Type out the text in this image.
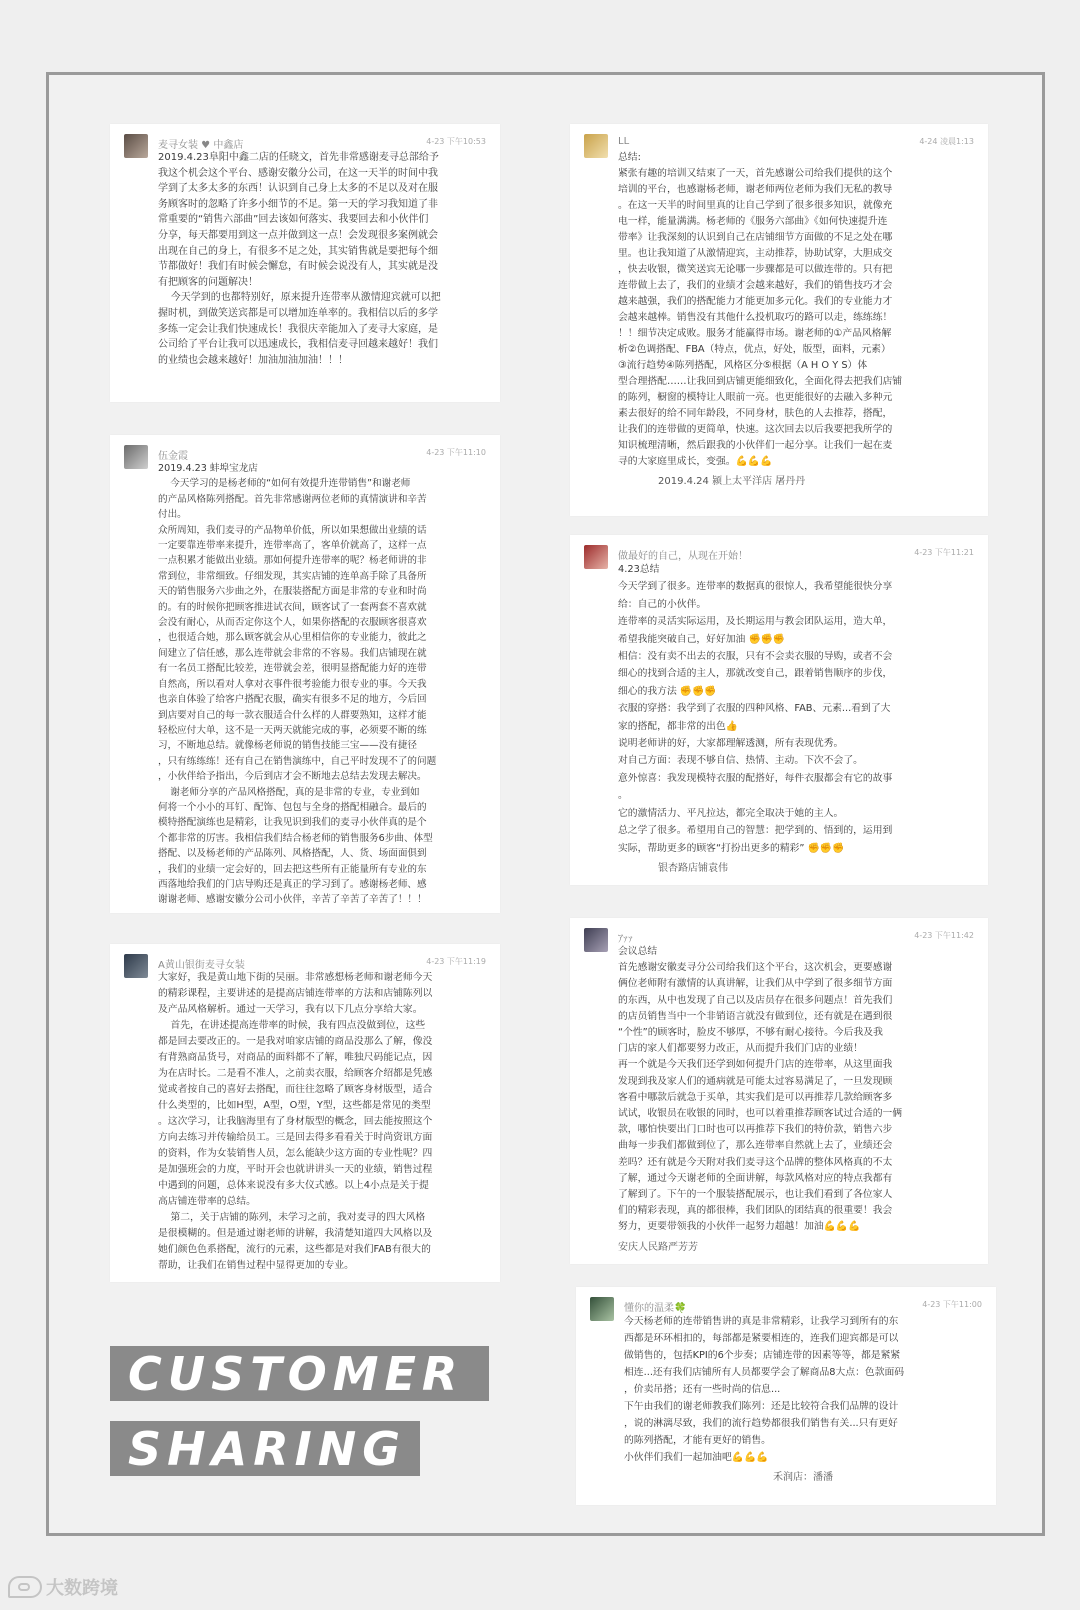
麦寻女装 ♥ 中鑫店	4-23 下午10:53
2019.4.23阜阳中鑫二店的任晓文，首先非常感谢麦寻总部给予
我这个机会这个平台、感谢安徽分公司，在这一天半的时间中我
学到了太多太多的东西！认识到自己身上太多的不足以及对在服
务顾客时的忽略了许多小细节的不足。第一天的学习我知道了非
常重要的“销售六部曲”回去该如何落实、我要回去和小伙伴们
分享，每天都要用到这一点并做到这一点！会发现很多案例就会
出现在自己的身上，有很多不足之处，其实销售就是要把每个细
节都做好！我们有时候会懈怠，有时候会说没有人，其实就是没
有把顾客的问题解决！
今天学到的也都特别好，原来提升连带率从激情迎宾就可以把
握时机，到做笑送宾都是可以增加连单率的。我相信以后的多学
多练一定会让我们快速成长！我很庆幸能加入了麦寻大家庭，是
公司给了平台让我可以迅速成长，我相信麦寻回越来越好！我们
的业绩也会越来越好！加油加油加油！！！
伍金霞	4-23 下午11:10
2019.4.23 蚌埠宝龙店
今天学习的是杨老师的“如何有效提升连带销售”和谢老师
的产品风格陈列搭配。首先非常感谢两位老师的真情演讲和辛苦
付出。
众所周知，我们麦寻的产品物单价低，所以如果想做出业绩的话
一定要靠连带率来提升，连带率高了，客单价就高了，这样一点
一点积累才能做出业绩。那如何提升连带率的呢？杨老师讲的非
常到位，非常细致。仔细发现，其实店铺的连单高手除了具备所
天的销售服务六步曲之外，在服装搭配方面是非常的专业和时尚
的。有的时候你把顾客推进试衣间，顾客试了一套两套不喜欢就
会没有耐心，从而否定你这个人，如果你搭配的衣服顾客很喜欢
，也很适合她，那么顾客就会从心里相信你的专业能力，彼此之
间建立了信任感，那么连带就会非常的不容易。我们店铺现在就
有一名员工搭配比较差，连带就会差，很明显搭配能力好的连带
自然高，所以看对人拿对衣事件很考验能力很专业的事。今天我
也亲自体验了给客户搭配衣服，确实有很多不足的地方，今后回
到店要对自己的每一款衣服适合什么样的人群要熟知，这样才能
轻松应付大单，这不是一天两天就能完成的事，必须要不断的练
习，不断地总结。就像杨老师说的销售技能三宝——没有捷径
，只有练练练！还有自己在销售演练中，自己平时发现不了的问题
，小伙伴给予指出，今后到店才会不断地去总结去发现去解决。
谢老师分享的产品风格搭配，真的是非常的专业，专业到如
何将一个小小的耳钉、配饰、包包与全身的搭配相融合。最后的
模特搭配演练也是精彩，让我见识到我们的麦寻小伙伴真的是个
个都非常的厉害。我相信我们结合杨老师的销售服务6步曲、体型
搭配、以及杨老师的产品陈列、风格搭配，人、货、场面面俱到
，我们的业绩一定会好的，回去把这些所有正能量所有专业的东
西落地给我们的门店导购还是真正的学习到了。感谢杨老师、感
谢谢老师、感谢安徽分公司小伙伴，辛苦了辛苦了辛苦了！！！
A黄山银街麦寻女装	4-23 下午11:19
大家好，我是黄山地下街的吴丽。非常感想杨老师和谢老师今天
的精彩课程，主要讲述的是提高店铺连带率的方法和店铺陈列以
及产品风格解析。通过一天学习，我有以下几点分享给大家。
首先，在讲述提高连带率的时候，我有四点没做到位，这些
都是回去要改正的。一是我对咱家店铺的商品没那么了解，像没
有背熟商品货号，对商品的面料都不了解，唯独尺码能记点，因
为在店时长。二是看不准人，之前卖衣服，给顾客介绍都是凭感
觉或者按自己的喜好去搭配，而往往忽略了顾客身材版型，适合
什么类型的，比如H型，A型，O型，Y型，这些都是常见的类型
。这次学习，让我脑海里有了身材版型的概念，回去能按照这个
方向去练习并传输给员工。三是回去得多看看关于时尚资讯方面
的资料，作为女装销售人员，怎么能缺少这方面的专业性呢？四
是加强班会的力度，平时开会也就讲讲头一天的业绩，销售过程
中遇到的问题，总体来说没有多大仪式感。以上4小点是关于提
高店铺连带率的总结。
第二，关于店铺的陈列，未学习之前，我对麦寻的四大风格
是很模糊的。但是通过谢老师的讲解，我清楚知道四大风格以及
她们颜色色系搭配，流行的元素，这些都是对我们FAB有很大的
帮助，让我们在销售过程中显得更加的专业。
LL	4-24 凌晨1:13
总结:
紧张有趣的培训又结束了一天，首先感谢公司给我们提供的这个
培训的平台，也感谢杨老师，谢老师两位老师为我们无私的教导
。在这一天半的时间里真的让自己学到了很多很多知识，就像充
电一样，能量满满。杨老师的《服务六部曲》《如何快速提升连
带率》让我深刻的认识到自己在店铺细节方面做的不足之处在哪
里。也让我知道了从激情迎宾，主动推荐，协助试穿，大胆成交
，快去收银，微笑送宾无论哪一步骤都是可以做连带的。只有把
连带做上去了，我们的业绩才会越来越好，我们的销售技巧才会
越来越强，我们的搭配能力才能更加多元化。我们的专业能力才
会越来越棒。销售没有其他什么投机取巧的路可以走，练练练！
！！细节决定成败。服务才能赢得市场。谢老师的①产品风格解
析②色调搭配、FBA（特点，优点，好处，版型，面料，元素）
③流行趋势④陈列搭配，风格区分⑤根据（A H O Y S）体
型合理搭配……让我回到店铺更能细致化，全面化得去把我们店铺
的陈列，橱窗的模特让人眼前一亮。也更能很好的去融入多种元
素去很好的给不同年龄段，不同身材，肤色的人去推荐，搭配，
让我们的连带做的更简单，快速。这次回去以后我要把我所学的
知识梳理清晰，然后跟我的小伙伴们一起分享。让我们一起在麦
寻的大家庭里成长，变强。💪💪💪
2019.4.24 颍上太平洋店 屠丹丹
做最好的自己，从现在开始！	4-23 下午11:21
4.23总结
今天学到了很多。连带率的数据真的很惊人，我希望能很快分享
给：自己的小伙伴。
连带率的灵活实际运用，及长期运用与教会团队运用，造大单，
希望我能突破自己，好好加油 ✊✊✊
相信：没有卖不出去的衣服，只有不会卖衣服的导购，或者不会
细心的找到合适的主人，那就改变自己，跟着销售顺序的步伐，
细心的我方法 ✊✊✊
衣服的穿搭：我学到了衣服的四种风格、FAB、元素...看到了大
家的搭配，都非常的出色👍
说明老师讲的好，大家都理解透测，所有表现优秀。
对自己方面：表现不够自信、热情、主动。下次不会了。
意外惊喜：我发现模特衣服的配搭好，每件衣服都会有它的故事
。
它的激情活力、平凡拉达，都完全取决于她的主人。
总之学了很多。希望用自己的智慧：把学到的、悟到的，运用到
实际，帮助更多的顾客“打扮出更多的精彩” ✊✊✊
银杏路店铺袁伟
ｱｧｧ	4-23 下午11:42
会议总结
首先感谢安徽麦寻分公司给我们这个平台，这次机会，更要感谢
俩位老师附有激情的认真讲解，让我们从中学到了很多细节方面
的东西，从中也发现了自己以及店员存在很多问题点！首先我们
的店员销售当中一个非销语言就没有做到位，还有就是在遇到很
“个性”的顾客时，脸皮不够厚，不够有耐心接待。今后我及我
门店的家人们都要努力改正，从而提升我们门店的业绩！
再一个就是今天我们还学到如何提升门店的连带率，从这里面我
发现到我及家人们的通病就是可能太过容易满足了，一旦发现顾
客看中哪款后就急于买单，其实我们是可以再推荐几款给顾客多
试试，收银员在收银的同时，也可以着重推荐顾客试过合适的一俩
款，哪怕快要出门口时也可以再推荐下我们的特价款，销售六步
曲每一步我们都做到位了，那么连带率自然就上去了，业绩还会
差吗？还有就是今天附对我们麦寻这个品牌的整体风格真的不太
了解，通过今天谢老师的全面讲解，每款风格对应的特点我都有
了解到了。下午的一个服装搭配展示，也让我们看到了各位家人
们的精彩表现，真的都很棒，我们团队的团结真的很重要！我会
努力，更要带领我的小伙伴一起努力超越！加油💪💪💪
安庆人民路严芳芳
懂你的温柔🍀	4-23 下午11:00
今天杨老师的连带销售讲的真是非常精彩，让我学习到所有的东
西都是环环相扣的，每部都是紧要相连的，连我们迎宾都是可以
做销售的，包括KPI的6个步奏；店铺连带的因素等等，都是紧紧
相连...还有我们店铺所有人员都要学会了解商品8大点：色款面码
，价卖吊搭；还有一些时尚的信息...
下午由我们的谢老师教我们陈列：还是比较符合我们品牌的设计
，说的淋漓尽致，我们的流行趋势都很我们销售有关...只有更好
的陈列搭配，才能有更好的销售。
小伙伴们我们一起加油吧💪💪💪
禾润店：潘潘
CUSTOMER
SHARING
大数跨境
